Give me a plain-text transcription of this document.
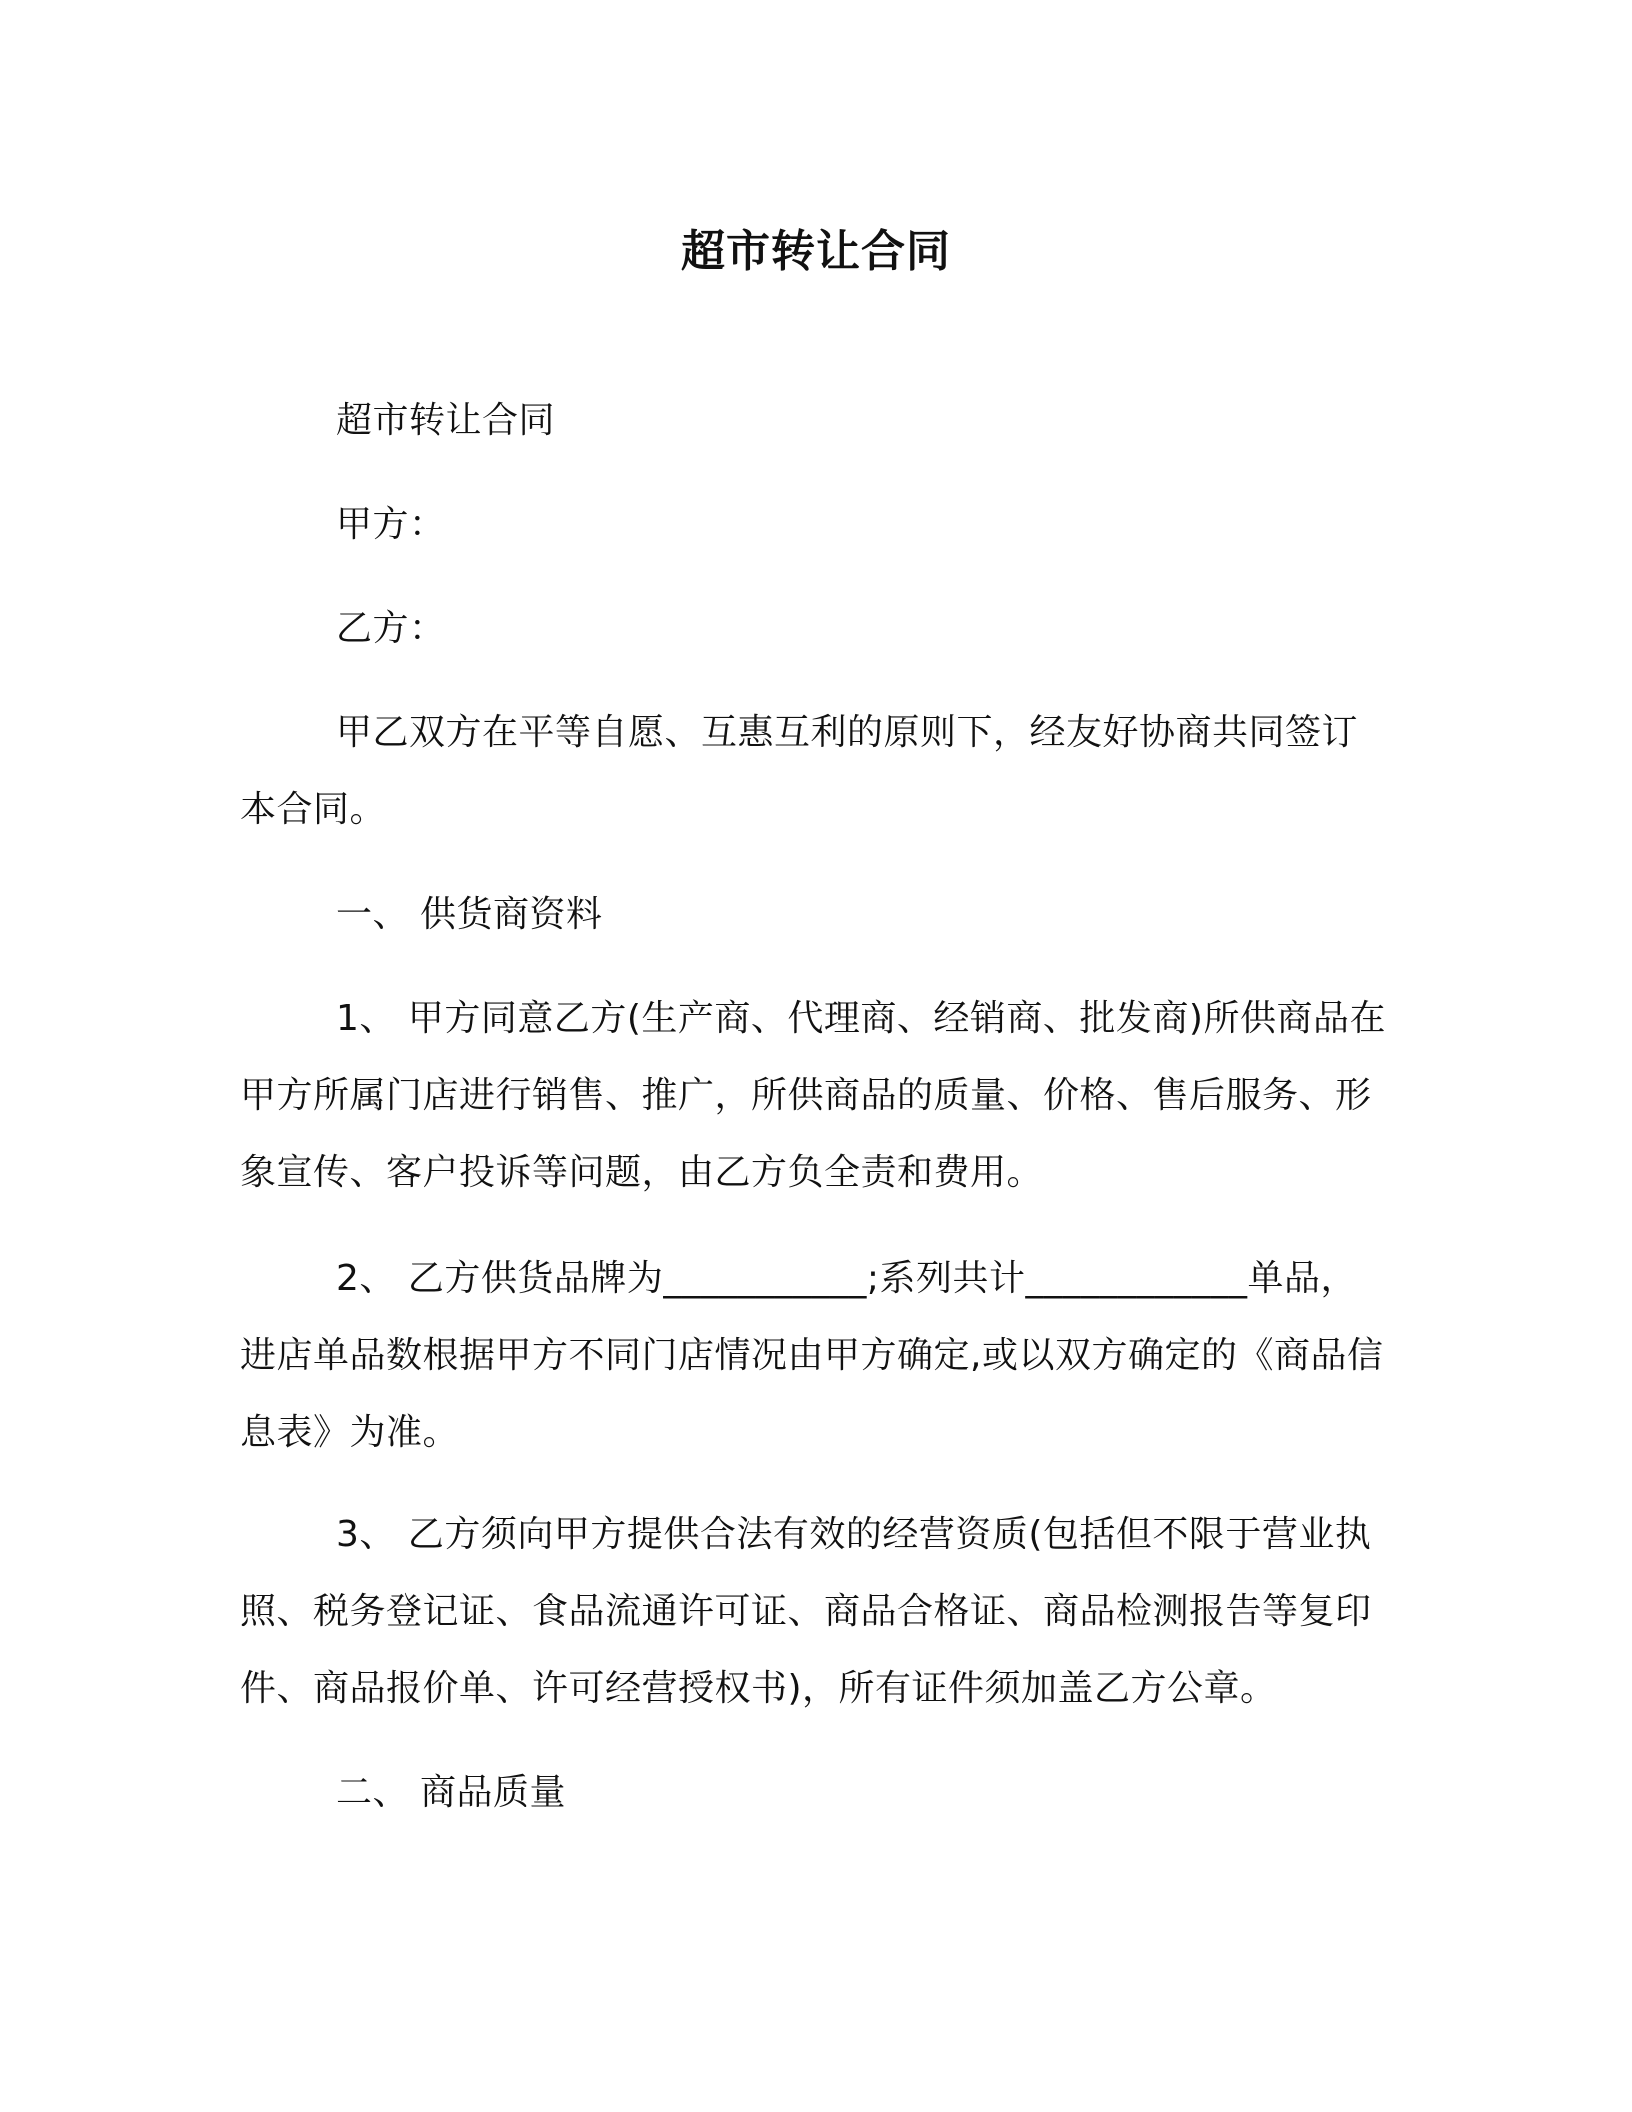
超市转让合同

超市转让合同

甲方：

乙方：

甲乙双方在平等自愿、互惠互利的原则下，经友好协商共同签订本合同。

一、 供货商资料

1、 甲方同意乙方(生产商、代理商、经销商、批发商)所供商品在甲方所属门店进行销售、推广，所供商品的质量、价格、售后服务、形象宣传、客户投诉等问题，由乙方负全责和费用。

2、 乙方供货品牌为___________;系列共计____________单品，进店单品数根据甲方不同门店情况由甲方确定,或以双方确定的《商品信息表》为准。

3、 乙方须向甲方提供合法有效的经营资质(包括但不限于营业执照、税务登记证、食品流通许可证、商品合格证、商品检测报告等复印件、商品报价单、许可经营授权书)，所有证件须加盖乙方公章。

二、 商品质量
